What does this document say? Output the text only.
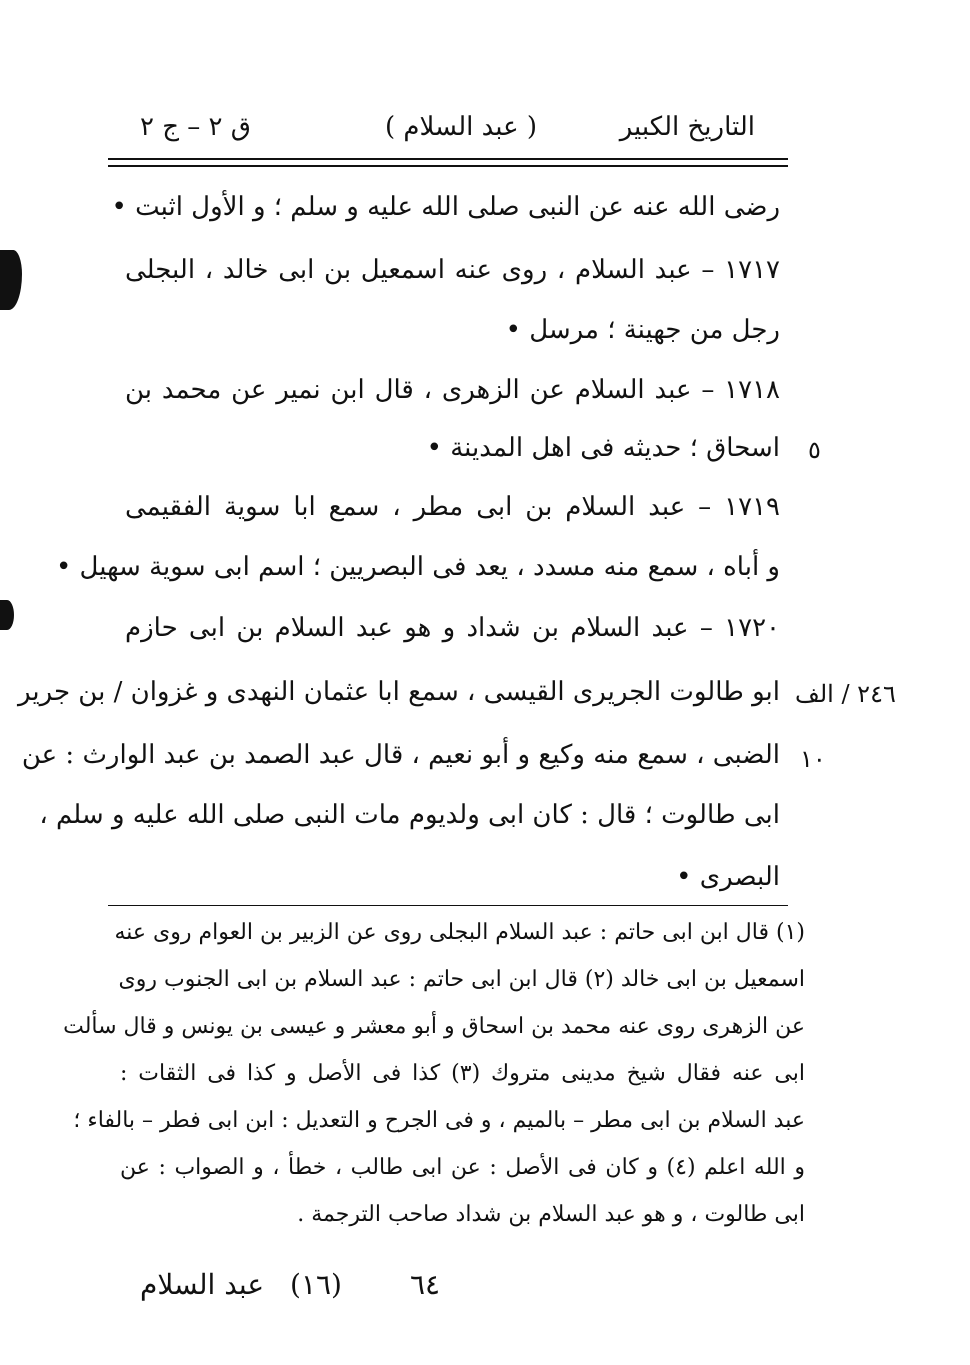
التاريخ الكبير
( عبد السلام )
ق ٢ – ج ٢
رضى الله عنه عن النبى صلى الله عليه و سلم ؛ و الأول اثبت •
١٧١٧ – عبد السلام ، روى عنه اسمعيل بن ابى خالد ، البجلى
رجل من جهينة ؛ مرسل •
١٧١٨ – عبد السلام عن الزهرى ، قال ابن نمير عن محمد بن
اسحاق ؛ حديثه فى اهل المدينة •
١٧١٩ – عبد السلام بن ابى مطر ، سمع ابا سوية الفقيمى
و أباه ، سمع منه مسدد ، يعد فى البصريين ؛ اسم ابى سوية سهيل •
١٧٢٠ – عبد السلام بن شداد و هو عبد السلام بن ابى حازم
ابو طالوت الجريرى القيسى ، سمع ابا عثمان النهدى و غزوان / بن جرير
الضبى ، سمع منه وكيع و أبو نعيم ، قال عبد الصمد بن عبد الوارث : عن
ابى طالوت ؛ قال : كان ابى ولديوم مات النبى صلى الله عليه و سلم ،
البصرى •
٥
٢٤٦ / الف
١٠
(١) قال ابن ابى حاتم : عبد السلام البجلى روى عن الزبير بن العوام روى عنه
اسمعيل بن ابى خالد (٢) قال ابن ابى حاتم : عبد السلام بن ابى الجنوب روى
عن الزهرى روى عنه محمد بن اسحاق و أبو معشر و عيسى بن يونس و قال سألت
ابى عنه فقال شيخ مدينى متروك (٣) كذا فى الأصل و كذا فى الثقات :
عبد السلام بن ابى مطر – بالميم ، و فى الجرح و التعديل : ابن ابى فطر – بالفاء ؛
و الله اعلم (٤) و كان فى الأصل : عن ابى طالب ، خطأ ، و الصواب : عن
ابى طالوت ، و هو عبد السلام بن شداد صاحب الترجمة .
عبد السلام (١٦) ٦٤
